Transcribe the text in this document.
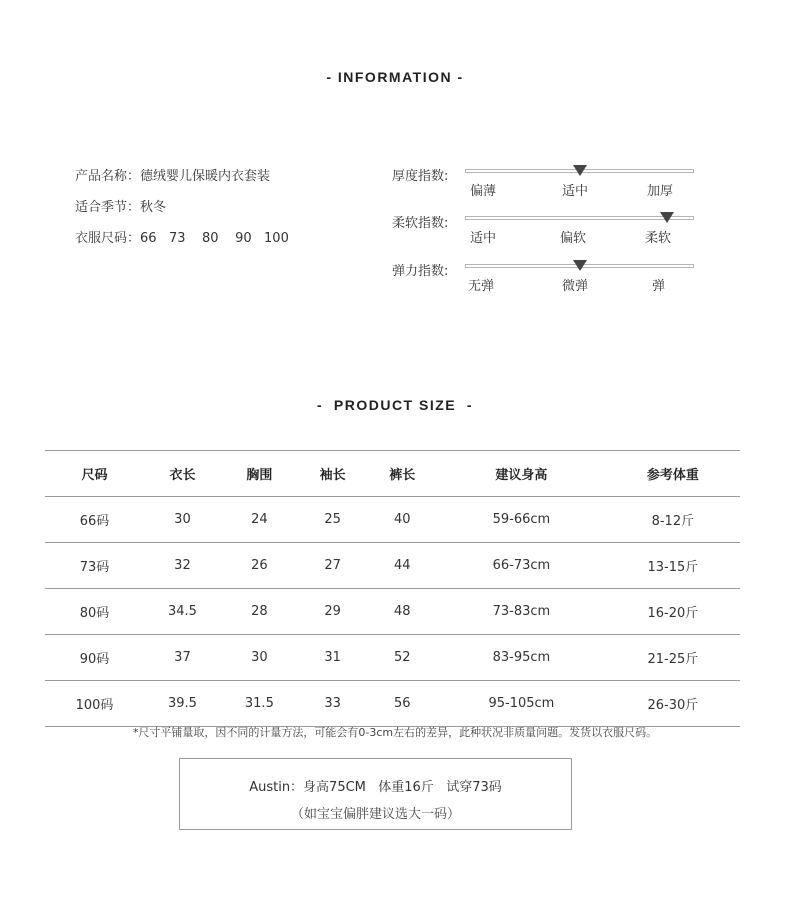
- INFORMATION -
产品名称：德绒婴儿保暖内衣套装
适合季节：秋冬
衣服尺码：66   73    80    90   100
厚度指数:
偏薄	适中	加厚
柔软指数:
适中	偏软	柔软
弹力指数:
无弹	微弹	弹
-  PRODUCT SIZE  -
尺码	衣长	胸围	袖长	裤长	建议身高	参考体重
66码	30	24	25	40	59-66cm	8-12斤
73码	32	26	27	44	66-73cm	13-15斤
80码	34.5	28	29	48	73-83cm	16-20斤
90码	37	30	31	52	83-95cm	21-25斤
100码	39.5	31.5	33	56	95-105cm	26-30斤
*尺寸平铺量取，因不同的计量方法，可能会有0-3cm左右的差异，此种状况非质量问题。发货以衣服尺码。
Austin：身高75CM   体重16斤   试穿73码
（如宝宝偏胖建议选大一码）
